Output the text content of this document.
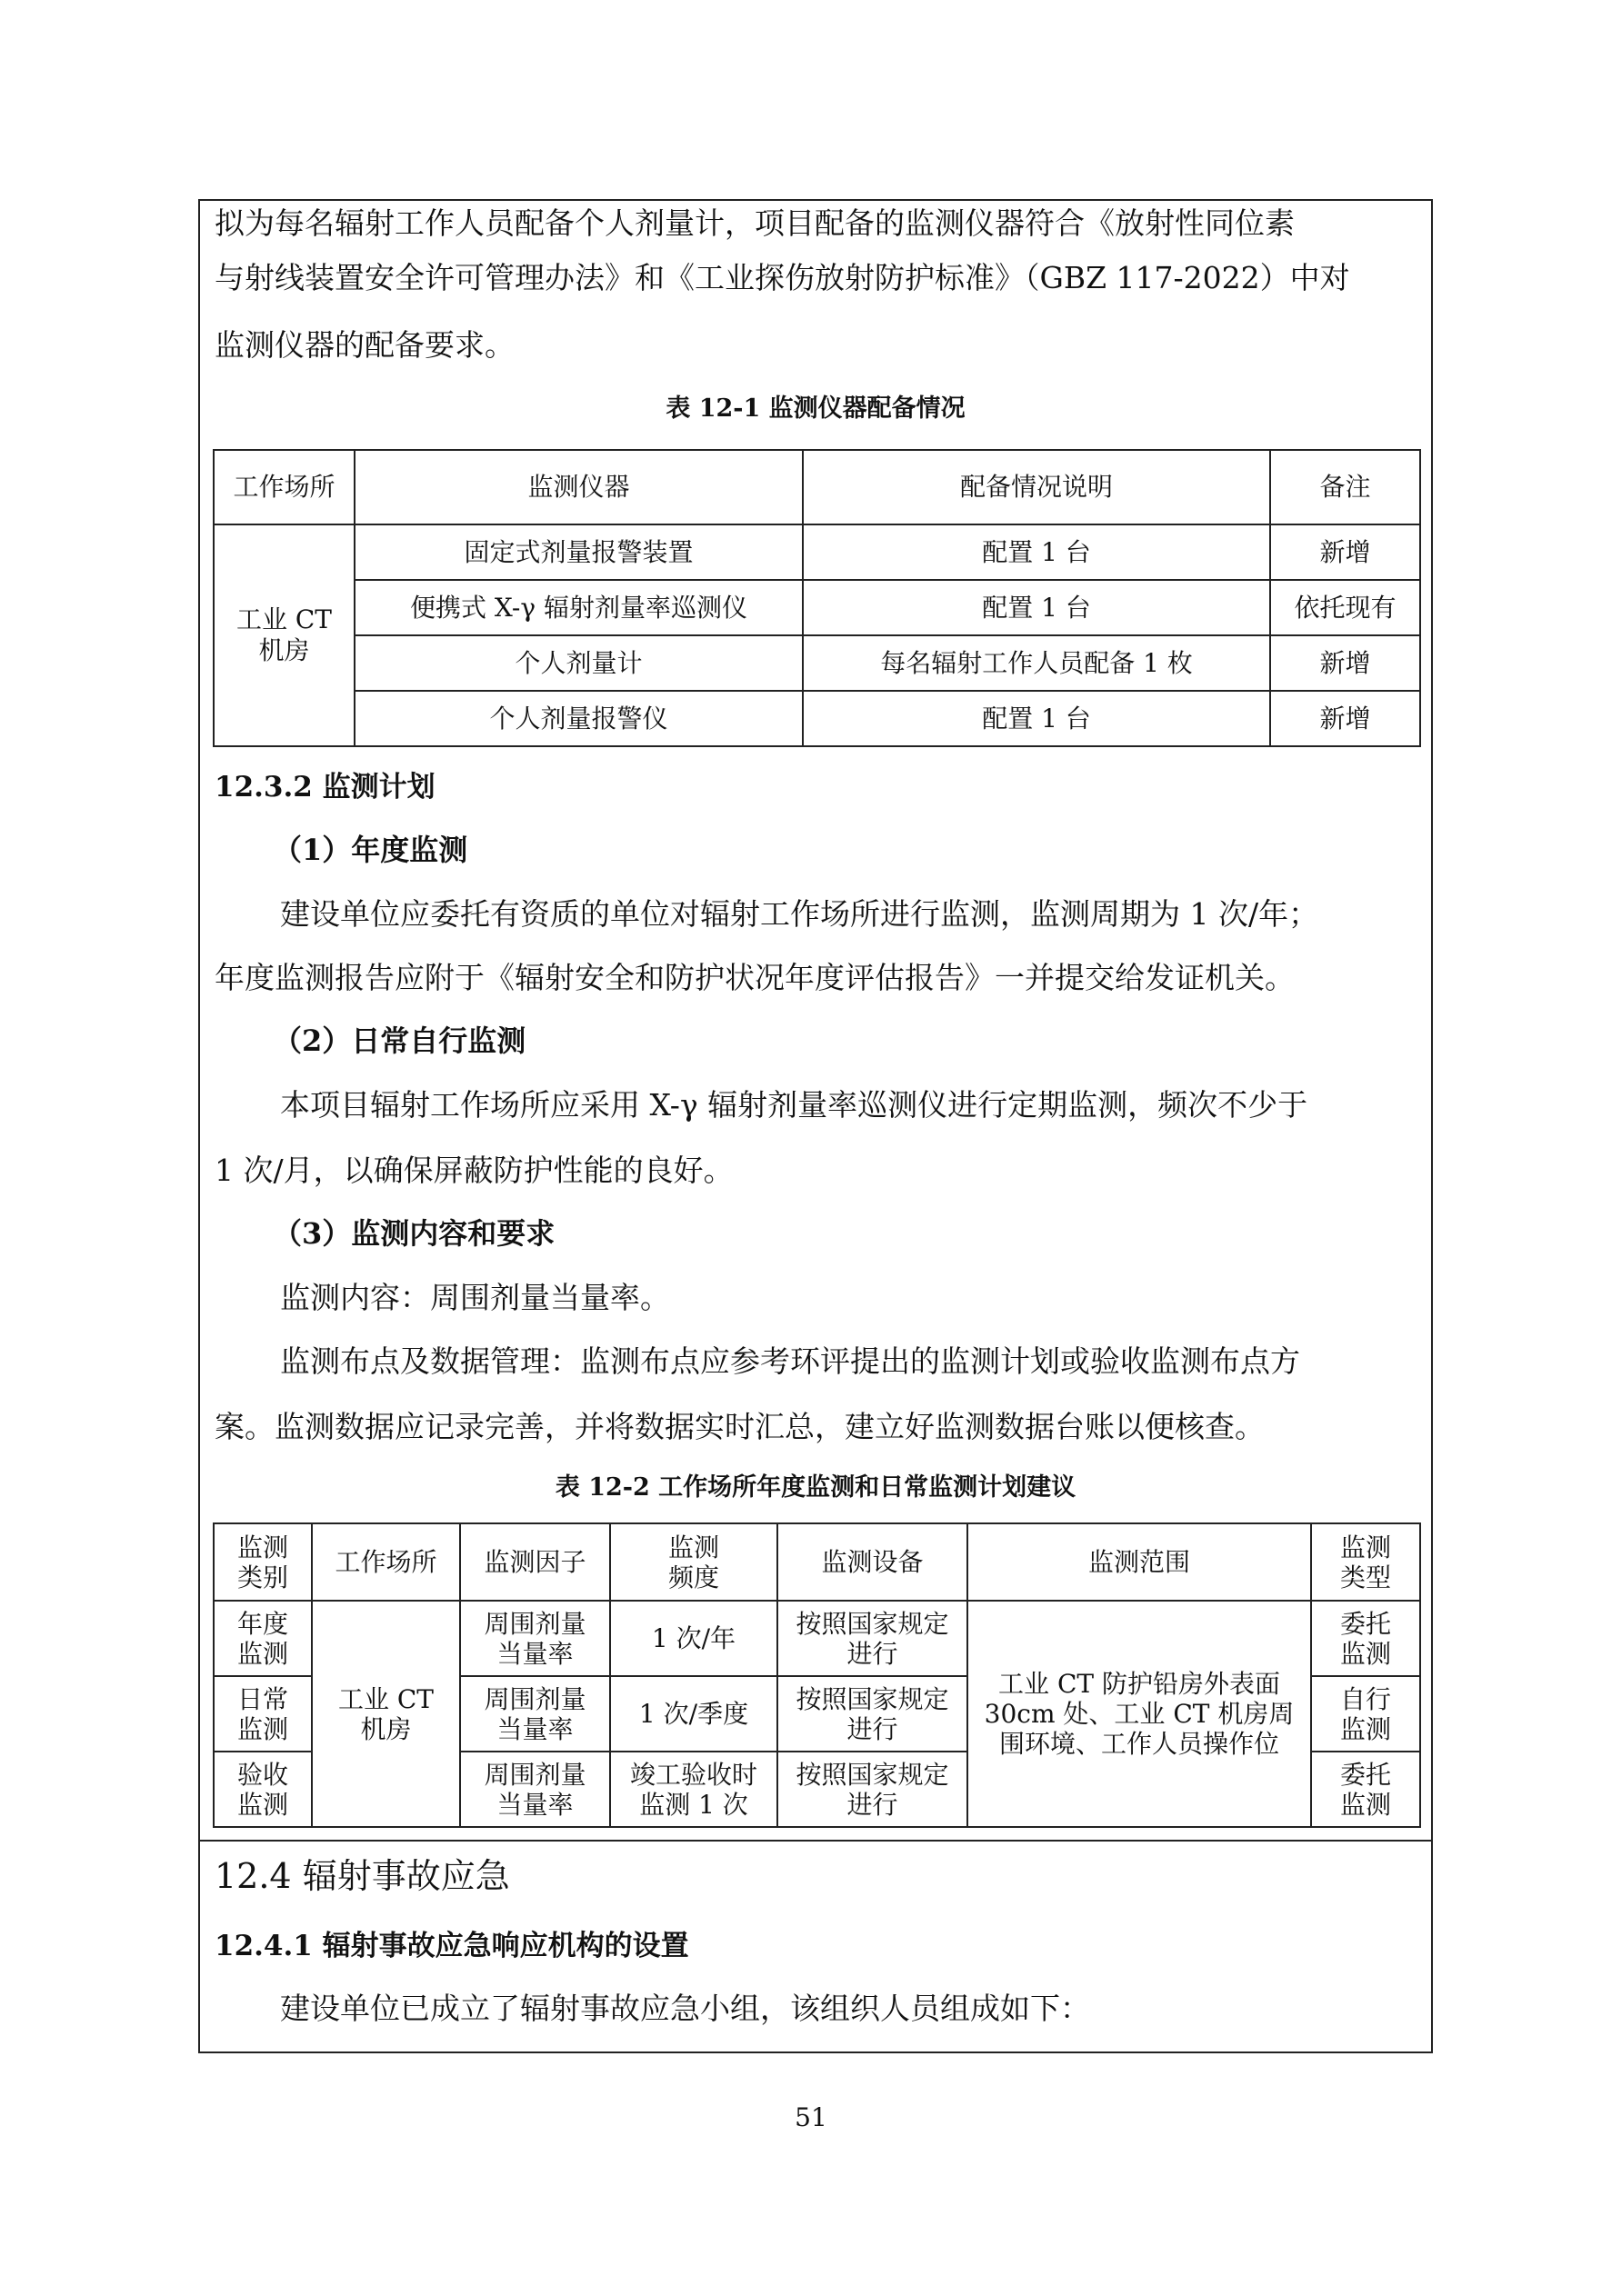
拟为每名辐射工作人员配备个人剂量计，项目配备的监测仪器符合《放射性同位素
与射线装置安全许可管理办法》和《工业探伤放射防护标准》（GBZ 117-2022）中对
监测仪器的配备要求。
表 12-1 监测仪器配备情况
工作场所	监测仪器	配备情况说明	备注
工业 CT 机房	固定式剂量报警装置	配置 1 台	新增
	便携式 X-γ 辐射剂量率巡测仪	配置 1 台	依托现有
	个人剂量计	每名辐射工作人员配备 1 枚	新增
	个人剂量报警仪	配置 1 台	新增
12.3.2 监测计划
（1）年度监测
建设单位应委托有资质的单位对辐射工作场所进行监测，监测周期为 1 次/年；
年度监测报告应附于《辐射安全和防护状况年度评估报告》一并提交给发证机关。
（2）日常自行监测
本项目辐射工作场所应采用 X-γ 辐射剂量率巡测仪进行定期监测，频次不少于
1 次/月，以确保屏蔽防护性能的良好。
（3）监测内容和要求
监测内容：周围剂量当量率。
监测布点及数据管理：监测布点应参考环评提出的监测计划或验收监测布点方
案。监测数据应记录完善，并将数据实时汇总，建立好监测数据台账以便核查。
表 12-2 工作场所年度监测和日常监测计划建议
监测类别	工作场所	监测因子	监测频度	监测设备	监测范围	监测类型
年度监测	工业 CT 机房	周围剂量当量率	1 次/年	按照国家规定进行	工业 CT 防护铅房外表面 30cm 处、工业 CT 机房周围环境、工作人员操作位	委托监测
日常监测		周围剂量当量率	1 次/季度	按照国家规定进行		自行监测
验收监测		周围剂量当量率	竣工验收时监测 1 次	按照国家规定进行		委托监测
12.4 辐射事故应急
12.4.1 辐射事故应急响应机构的设置
建设单位已成立了辐射事故应急小组，该组织人员组成如下：
51
